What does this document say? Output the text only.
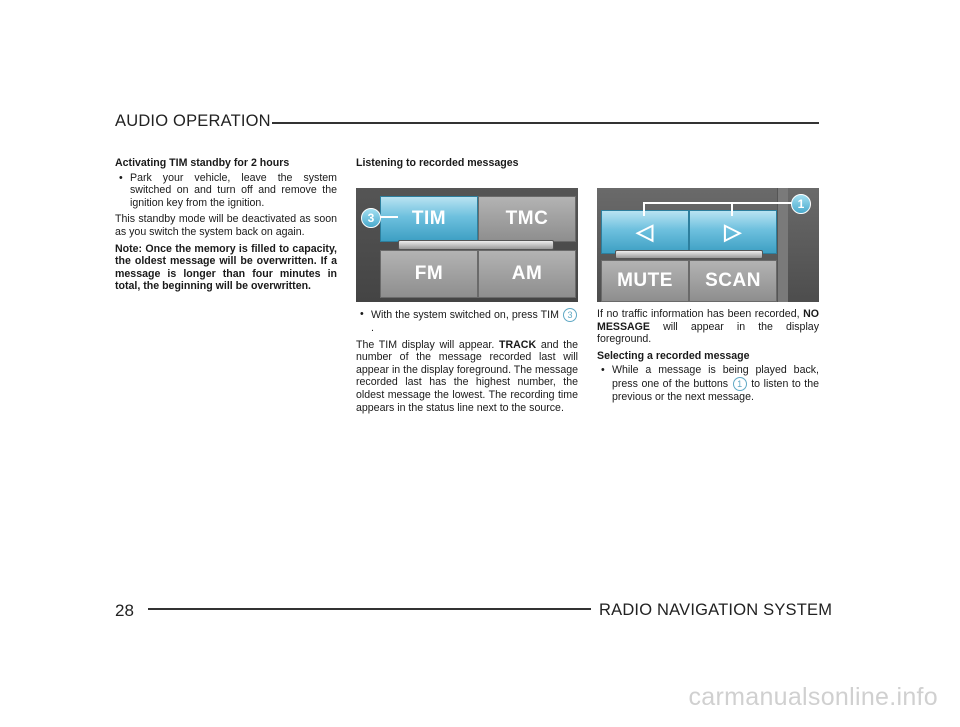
AUDIO OPERATION

Activating TIM standby for 2 hours

• Park your vehicle, leave the system switched on and turn off and remove the ignition key from the ignition.

This standby mode will be deactivated as soon as you switch the system back on again.

Note: Once the memory is filled to capacity, the oldest message will be overwritten. If a message is longer than four minutes in total, the beginning will be overwritten.

Listening to recorded messages

TIM	TMC
FM	AM
3
◁	▷
MUTE	SCAN
1
• With the system switched on, press TIM 3.

The TIM display will appear. TRACK and the number of the message recorded last will appear in the display foreground. The message recorded last has the highest number, the oldest message the lowest. The recording time appears in the status line next to the source.

If no traffic information has been recorded, NO MESSAGE will appear in the display foreground.

Selecting a recorded message

• While a message is being played back, press one of the buttons 1 to listen to the previous or the next message.
28	RADIO NAVIGATION SYSTEM
carmanualsonline.info
